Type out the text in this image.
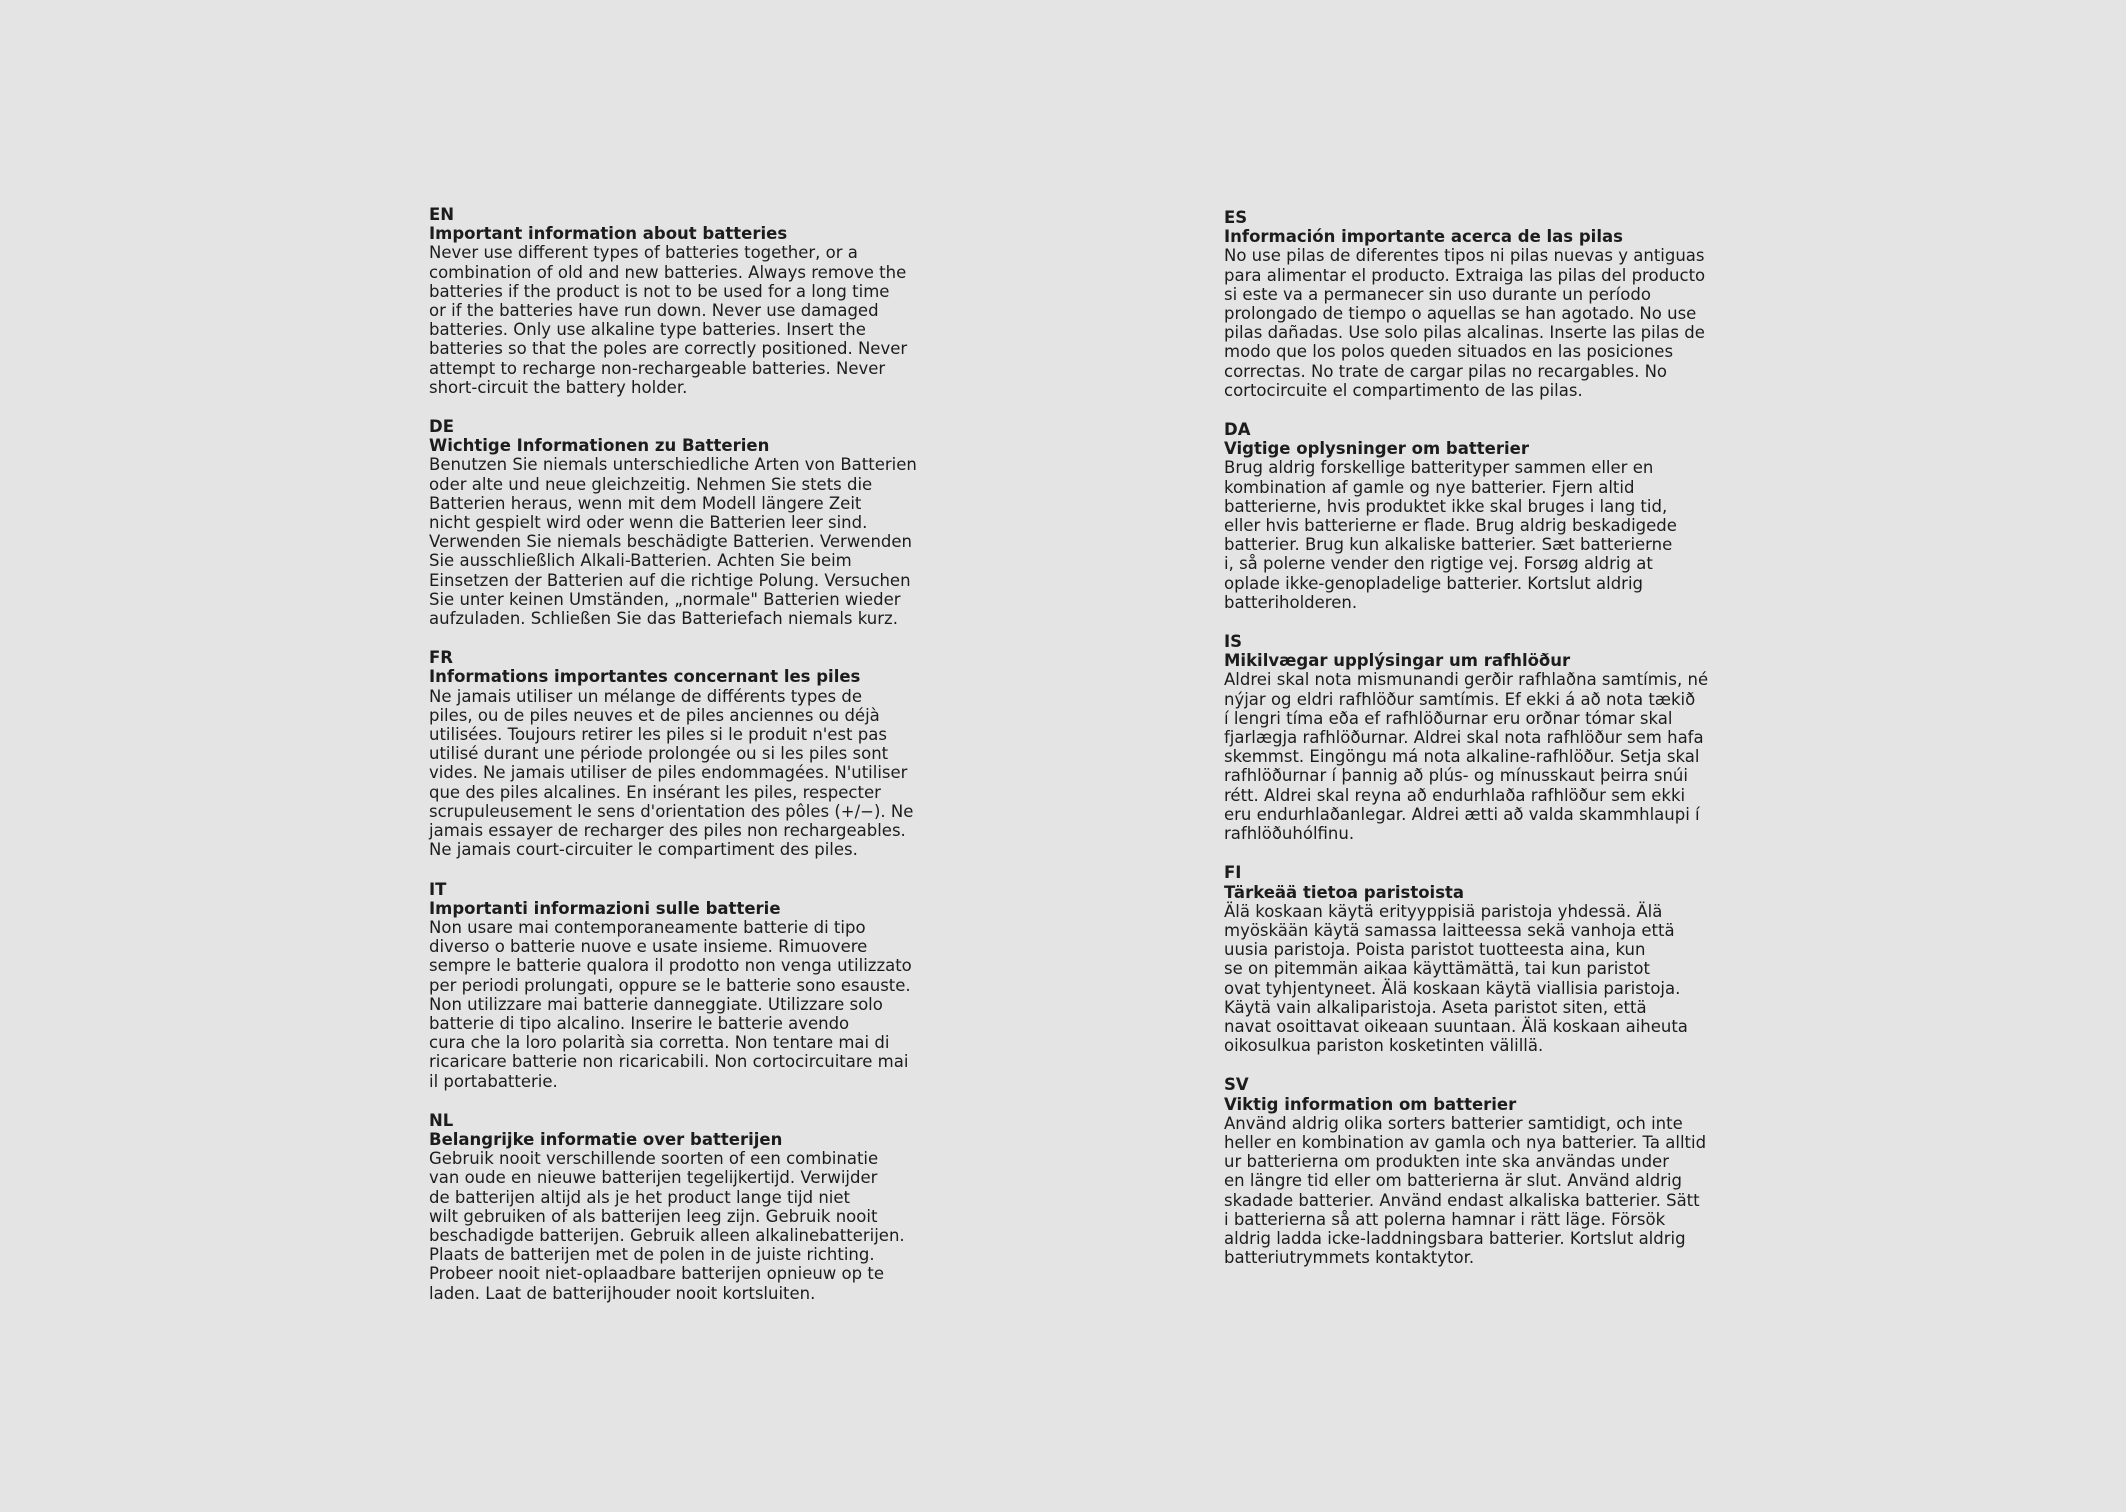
EN
Important information about batteries
Never use different types of batteries together, or a
combination of old and new batteries. Always remove the
batteries if the product is not to be used for a long time
or if the batteries have run down. Never use damaged
batteries. Only use alkaline type batteries. Insert the
batteries so that the poles are correctly positioned. Never
attempt to recharge non-rechargeable batteries. Never
short-circuit the battery holder.
DE
Wichtige Informationen zu Batterien
Benutzen Sie niemals unterschiedliche Arten von Batterien
oder alte und neue gleichzeitig. Nehmen Sie stets die
Batterien heraus, wenn mit dem Modell längere Zeit
nicht gespielt wird oder wenn die Batterien leer sind.
Verwenden Sie niemals beschädigte Batterien. Verwenden
Sie ausschließlich Alkali-Batterien. Achten Sie beim
Einsetzen der Batterien auf die richtige Polung. Versuchen
Sie unter keinen Umständen, „normale" Batterien wieder
aufzuladen. Schließen Sie das Batteriefach niemals kurz.
FR
Informations importantes concernant les piles
Ne jamais utiliser un mélange de différents types de
piles, ou de piles neuves et de piles anciennes ou déjà
utilisées. Toujours retirer les piles si le produit n'est pas
utilisé durant une période prolongée ou si les piles sont
vides. Ne jamais utiliser de piles endommagées. N'utiliser
que des piles alcalines. En insérant les piles, respecter
scrupuleusement le sens d'orientation des pôles (+/−). Ne
jamais essayer de recharger des piles non rechargeables.
Ne jamais court-circuiter le compartiment des piles.
IT
Importanti informazioni sulle batterie
Non usare mai contemporaneamente batterie di tipo
diverso o batterie nuove e usate insieme. Rimuovere
sempre le batterie qualora il prodotto non venga utilizzato
per periodi prolungati, oppure se le batterie sono esauste.
Non utilizzare mai batterie danneggiate. Utilizzare solo
batterie di tipo alcalino. Inserire le batterie avendo
cura che la loro polarità sia corretta. Non tentare mai di
ricaricare batterie non ricaricabili. Non cortocircuitare mai
il portabatterie.
NL
Belangrijke informatie over batterijen
Gebruik nooit verschillende soorten of een combinatie
van oude en nieuwe batterijen tegelijkertijd. Verwijder
de batterijen altijd als je het product lange tijd niet
wilt gebruiken of als batterijen leeg zijn. Gebruik nooit
beschadigde batterijen. Gebruik alleen alkalinebatterijen.
Plaats de batterijen met de polen in de juiste richting.
Probeer nooit niet-oplaadbare batterijen opnieuw op te
laden. Laat de batterijhouder nooit kortsluiten.
ES
Información importante acerca de las pilas
No use pilas de diferentes tipos ni pilas nuevas y antiguas
para alimentar el producto. Extraiga las pilas del producto
si este va a permanecer sin uso durante un período
prolongado de tiempo o aquellas se han agotado. No use
pilas dañadas. Use solo pilas alcalinas. Inserte las pilas de
modo que los polos queden situados en las posiciones
correctas. No trate de cargar pilas no recargables. No
cortocircuite el compartimento de las pilas.
DA
Vigtige oplysninger om batterier
Brug aldrig forskellige batterityper sammen eller en
kombination af gamle og nye batterier. Fjern altid
batterierne, hvis produktet ikke skal bruges i lang tid,
eller hvis batterierne er flade. Brug aldrig beskadigede
batterier. Brug kun alkaliske batterier. Sæt batterierne
i, så polerne vender den rigtige vej. Forsøg aldrig at
oplade ikke-genopladelige batterier. Kortslut aldrig
batteriholderen.
IS
Mikilvægar upplýsingar um rafhlöður
Aldrei skal nota mismunandi gerðir rafhlaðna samtímis, né
nýjar og eldri rafhlöður samtímis. Ef ekki á að nota tækið
í lengri tíma eða ef rafhlöðurnar eru orðnar tómar skal
fjarlægja rafhlöðurnar. Aldrei skal nota rafhlöður sem hafa
skemmst. Eingöngu má nota alkaline-rafhlöður. Setja skal
rafhlöðurnar í þannig að plús- og mínusskaut þeirra snúi
rétt. Aldrei skal reyna að endurhlaða rafhlöður sem ekki
eru endurhlaðanlegar. Aldrei ætti að valda skammhlaupi í
rafhlöðuhólfinu.
FI
Tärkeää tietoa paristoista
Älä koskaan käytä erityyppisiä paristoja yhdessä. Älä
myöskään käytä samassa laitteessa sekä vanhoja että
uusia paristoja. Poista paristot tuotteesta aina, kun
se on pitemmän aikaa käyttämättä, tai kun paristot
ovat tyhjentyneet. Älä koskaan käytä viallisia paristoja.
Käytä vain alkaliparistoja. Aseta paristot siten, että
navat osoittavat oikeaan suuntaan. Älä koskaan aiheuta
oikosulkua pariston kosketinten välillä.
SV
Viktig information om batterier
Använd aldrig olika sorters batterier samtidigt, och inte
heller en kombination av gamla och nya batterier. Ta alltid
ur batterierna om produkten inte ska användas under
en längre tid eller om batterierna är slut. Använd aldrig
skadade batterier. Använd endast alkaliska batterier. Sätt
i batterierna så att polerna hamnar i rätt läge. Försök
aldrig ladda icke-laddningsbara batterier. Kortslut aldrig
batteriutrymmets kontaktytor.
